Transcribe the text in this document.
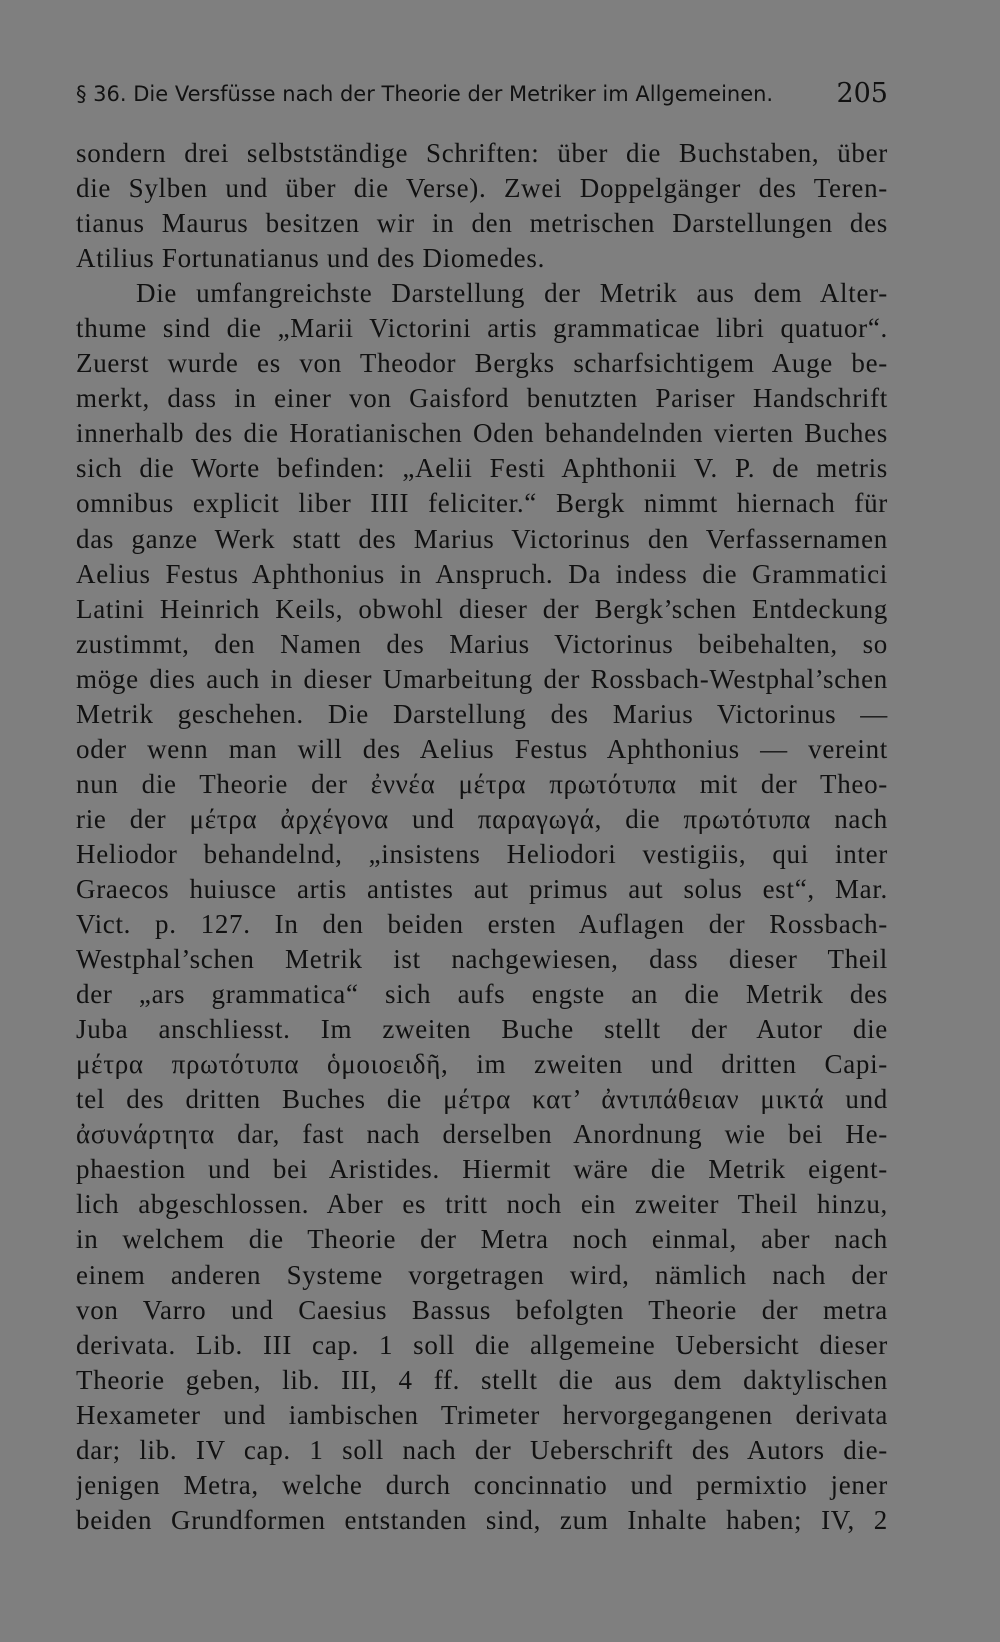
§ 36. Die Versfüsse nach der Theorie der Metriker im Allgemeinen. 205
sondern drei selbstständige Schriften: über die Buchstaben, über
die Sylben und über die Verse). Zwei Doppelgänger des Teren-
tianus Maurus besitzen wir in den metrischen Darstellungen des
Atilius Fortunatianus und des Diomedes.
Die umfangreichste Darstellung der Metrik aus dem Alter-
thume sind die „Marii Victorini artis grammaticae libri quatuor“.
Zuerst wurde es von Theodor Bergks scharfsichtigem Auge be-
merkt, dass in einer von Gaisford benutzten Pariser Handschrift
innerhalb des die Horatianischen Oden behandelnden vierten Buches
sich die Worte befinden: „Aelii Festi Aphthonii V. P. de metris
omnibus explicit liber IIII feliciter.“ Bergk nimmt hiernach für
das ganze Werk statt des Marius Victorinus den Verfassernamen
Aelius Festus Aphthonius in Anspruch. Da indess die Grammatici
Latini Heinrich Keils, obwohl dieser der Bergk’schen Entdeckung
zustimmt, den Namen des Marius Victorinus beibehalten, so
möge dies auch in dieser Umarbeitung der Rossbach-Westphal’schen
Metrik geschehen. Die Darstellung des Marius Victorinus —
oder wenn man will des Aelius Festus Aphthonius — vereint
nun die Theorie der ἐννέα μέτρα πρωτότυπα mit der Theo-
rie der μέτρα ἀρχέγονα und παραγωγά, die πρωτότυπα nach
Heliodor behandelnd, „insistens Heliodori vestigiis, qui inter
Graecos huiusce artis antistes aut primus aut solus est“, Mar.
Vict. p. 127. In den beiden ersten Auflagen der Rossbach-
Westphal’schen Metrik ist nachgewiesen, dass dieser Theil
der „ars grammatica“ sich aufs engste an die Metrik des
Juba anschliesst. Im zweiten Buche stellt der Autor die
μέτρα πρωτότυπα ὁμοιοειδῆ, im zweiten und dritten Capi-
tel des dritten Buches die μέτρα κατ’ ἀντιπάθειαν μικτά und
ἀσυνάρτητα dar, fast nach derselben Anordnung wie bei He-
phaestion und bei Aristides. Hiermit wäre die Metrik eigent-
lich abgeschlossen. Aber es tritt noch ein zweiter Theil hinzu,
in welchem die Theorie der Metra noch einmal, aber nach
einem anderen Systeme vorgetragen wird, nämlich nach der
von Varro und Caesius Bassus befolgten Theorie der metra
derivata. Lib. III cap. 1 soll die allgemeine Uebersicht dieser
Theorie geben, lib. III, 4 ff. stellt die aus dem daktylischen
Hexameter und iambischen Trimeter hervorgegangenen derivata
dar; lib. IV cap. 1 soll nach der Ueberschrift des Autors die-
jenigen Metra, welche durch concinnatio und permixtio jener
beiden Grundformen entstanden sind, zum Inhalte haben; IV, 2
